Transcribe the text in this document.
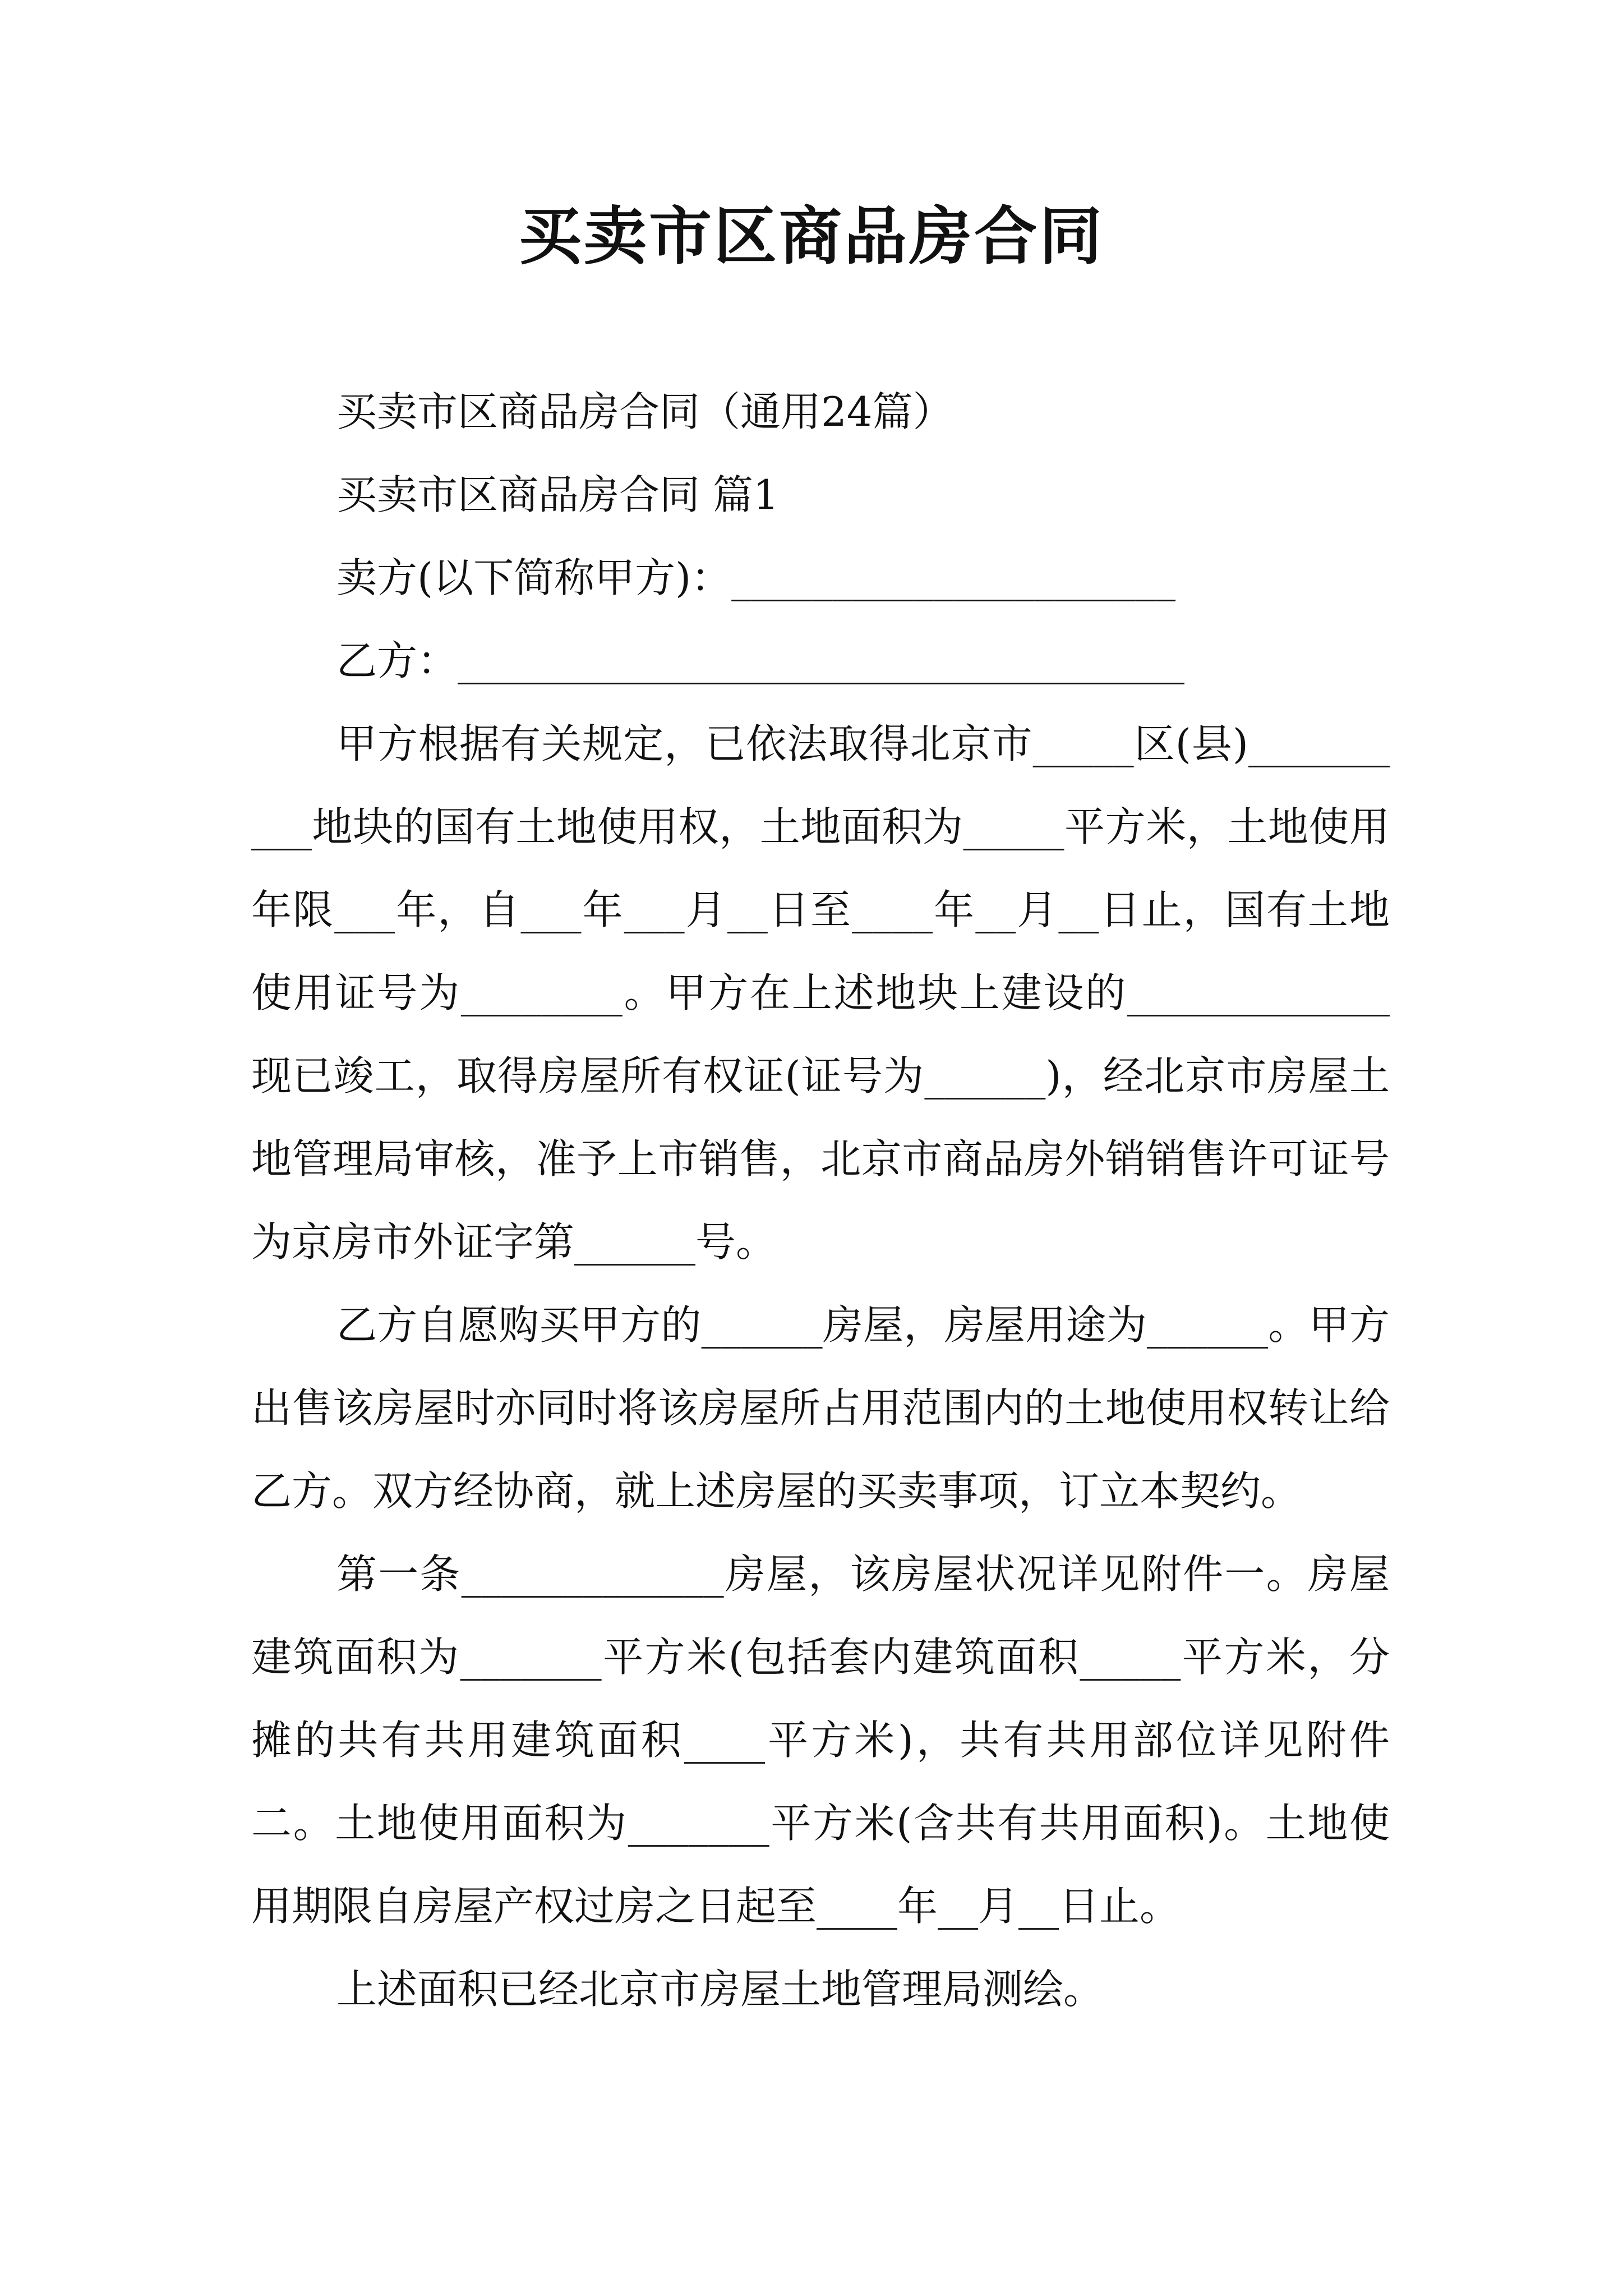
买卖市区商品房合同

买卖市区商品房合同（通用24篇）

买卖市区商品房合同 篇1

卖方(以下简称甲方)：______________________

乙方：____________________________________

甲方根据有关规定，已依法取得北京市_____区(县)__________地块的国有土地使用权，土地面积为_____平方米，土地使用年限___年，自___年___月__日至____年__月__日止，国有土地使用证号为________。甲方在上述地块上建设的_____________现已竣工，取得房屋所有权证(证号为______)，经北京市房屋土地管理局审核，准予上市销售，北京市商品房外销销售许可证号为京房市外证字第______号。

乙方自愿购买甲方的______房屋，房屋用途为______。甲方出售该房屋时亦同时将该房屋所占用范围内的土地使用权转让给乙方。双方经协商，就上述房屋的买卖事项，订立本契约。

第一条_____________房屋，该房屋状况详见附件一。房屋建筑面积为_______平方米(包括套内建筑面积_____平方米，分摊的共有共用建筑面积____平方米)，共有共用部位详见附件二。土地使用面积为_______平方米(含共有共用面积)。土地使用期限自房屋产权过房之日起至____年__月__日止。

上述面积已经北京市房屋土地管理局测绘。
